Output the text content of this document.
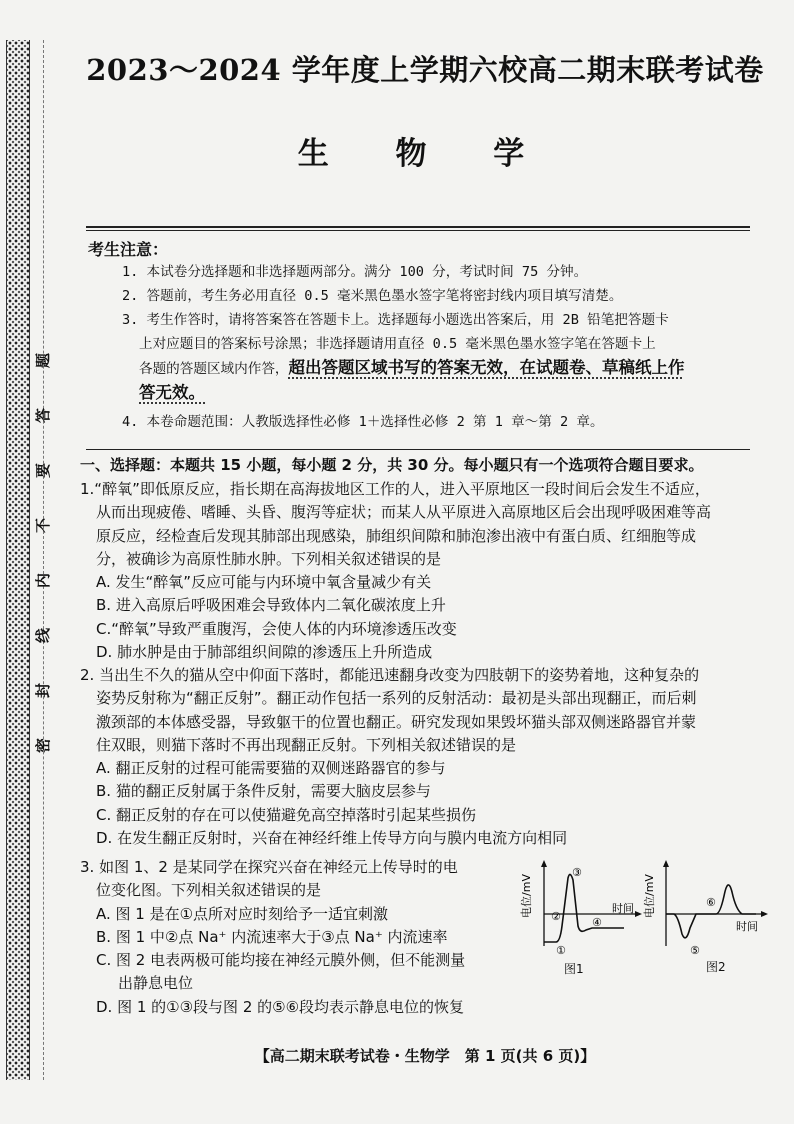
题
答
要
不
内
线
封
密
2023～2024 学年度上学期六校高二期末联考试卷
生 物 学
考生注意：

1. 本试卷分选择题和非选择题两部分。满分 100 分，考试时间 75 分钟。

2. 答题前，考生务必用直径 0.5 毫米黑色墨水签字笔将密封线内项目填写清楚。

3. 考生作答时，请将答案答在答题卡上。选择题每小题选出答案后，用 2B 铅笔把答题卡

上对应题目的答案标号涂黑；非选择题请用直径 0.5 毫米黑色墨水签字笔在答题卡上

各题的答题区域内作答，超出答题区域书写的答案无效，在试题卷、草稿纸上作

答无效。

4. 本卷命题范围：人教版选择性必修 1＋选择性必修 2 第 1 章～第 2 章。

一、选择题：本题共 15 小题，每小题 2 分，共 30 分。每小题只有一个选项符合题目要求。

1.“醉氧”即低原反应，指长期在高海拔地区工作的人，进入平原地区一段时间后会发生不适应，

从而出现疲倦、嗜睡、头昏、腹泻等症状；而某人从平原进入高原地区后会出现呼吸困难等高

原反应，经检查后发现其肺部出现感染，肺组织间隙和肺泡渗出液中有蛋白质、红细胞等成

分，被确诊为高原性肺水肿。下列相关叙述错误的是

A. 发生“醉氧”反应可能与内环境中氧含量减少有关

B. 进入高原后呼吸困难会导致体内二氧化碳浓度上升

C.“醉氧”导致严重腹泻，会使人体的内环境渗透压改变

D. 肺水肿是由于肺部组织间隙的渗透压上升所造成

2. 当出生不久的猫从空中仰面下落时，都能迅速翻身改变为四肢朝下的姿势着地，这种复杂的

姿势反射称为“翻正反射”。翻正动作包括一系列的反射活动：最初是头部出现翻正，而后刺

激颈部的本体感受器，导致躯干的位置也翻正。研究发现如果毁坏猫头部双侧迷路器官并蒙

住双眼，则猫下落时不再出现翻正反射。下列相关叙述错误的是

A. 翻正反射的过程可能需要猫的双侧迷路器官的参与

B. 猫的翻正反射属于条件反射，需要大脑皮层参与

C. 翻正反射的存在可以使猫避免高空掉落时引起某些损伤

D. 在发生翻正反射时，兴奋在神经纤维上传导方向与膜内电流方向相同

3. 如图 1、2 是某同学在探究兴奋在神经元上传导时的电

位变化图。下列相关叙述错误的是

A. 图 1 是在①点所对应时刻给予一适宜刺激

B. 图 1 中②点 Na⁺ 内流速率大于③点 Na⁺ 内流速率

C. 图 2 电表两极可能均接在神经元膜外侧，但不能测量

出静息电位

D. 图 1 的①③段与图 2 的⑤⑥段均表示静息电位的恢复

电位/mV	时间 电位/mV
时间
①
②
③
④
⑤
⑥
图1	图2
【高二期末联考试卷・生物学　第 1 页(共 6 页)】
